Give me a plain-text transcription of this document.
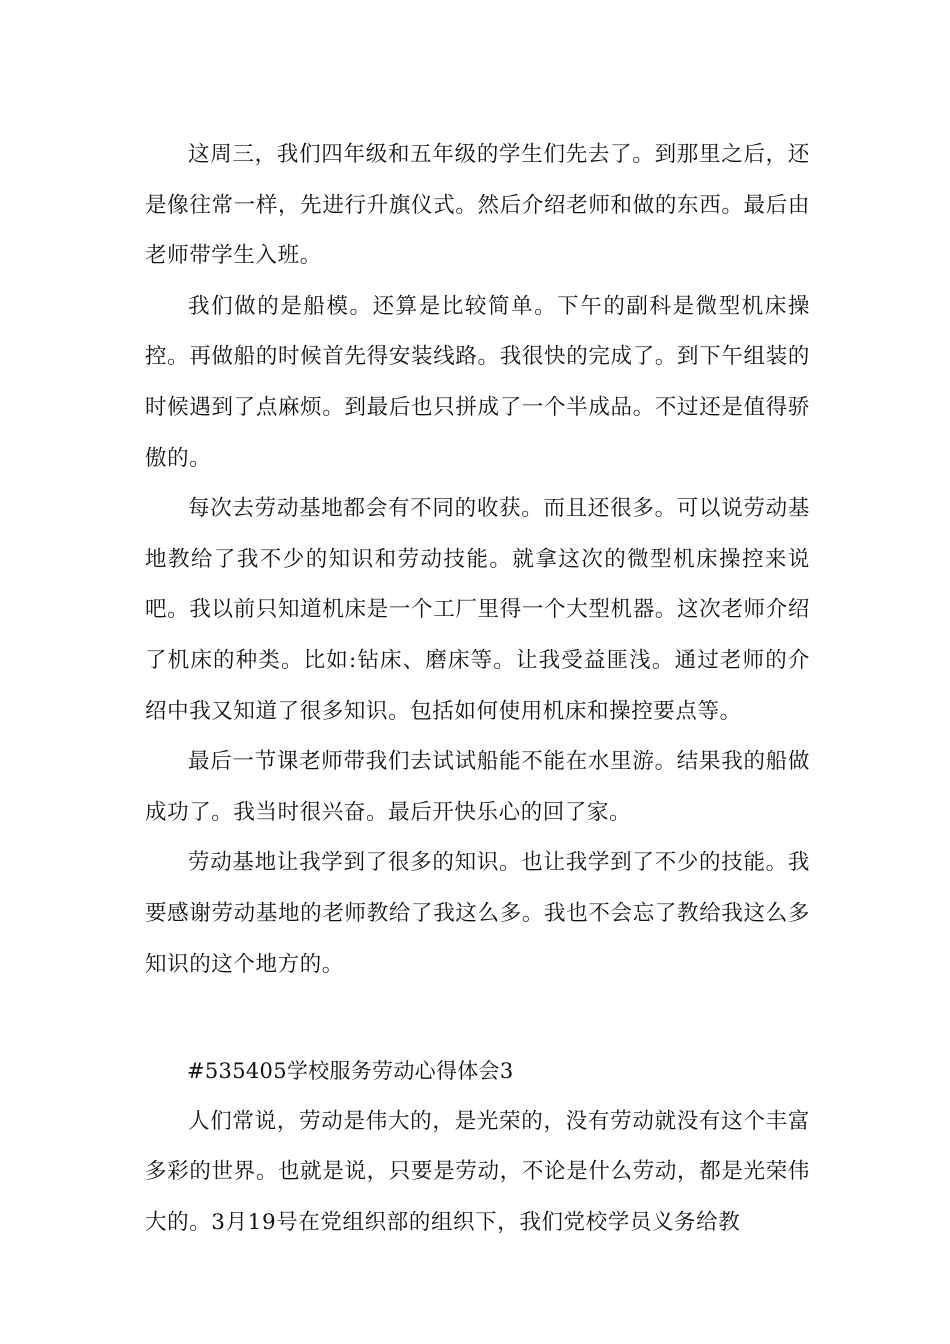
这周三，我们四年级和五年级的学生们先去了。到那里之后，还是像往常一样，先进行升旗仪式。然后介绍老师和做的东西。最后由老师带学生入班。

我们做的是船模。还算是比较简单。下午的副科是微型机床操控。再做船的时候首先得安装线路。我很快的完成了。到下午组装的时候遇到了点麻烦。到最后也只拼成了一个半成品。不过还是值得骄傲的。

每次去劳动基地都会有不同的收获。而且还很多。可以说劳动基地教给了我不少的知识和劳动技能。就拿这次的微型机床操控来说吧。我以前只知道机床是一个工厂里得一个大型机器。这次老师介绍了机床的种类。比如:钻床、磨床等。让我受益匪浅。通过老师的介绍中我又知道了很多知识。包括如何使用机床和操控要点等。

最后一节课老师带我们去试试船能不能在水里游。结果我的船做成功了。我当时很兴奋。最后开快乐心的回了家。

劳动基地让我学到了很多的知识。也让我学到了不少的技能。我要感谢劳动基地的老师教给了我这么多。我也不会忘了教给我这么多知识的这个地方的。

#535405学校服务劳动心得体会3

人们常说，劳动是伟大的，是光荣的，没有劳动就没有这个丰富多彩的世界。也就是说，只要是劳动，不论是什么劳动，都是光荣伟大的。3月19号在党组织部的组织下，我们党校学员义务给教
